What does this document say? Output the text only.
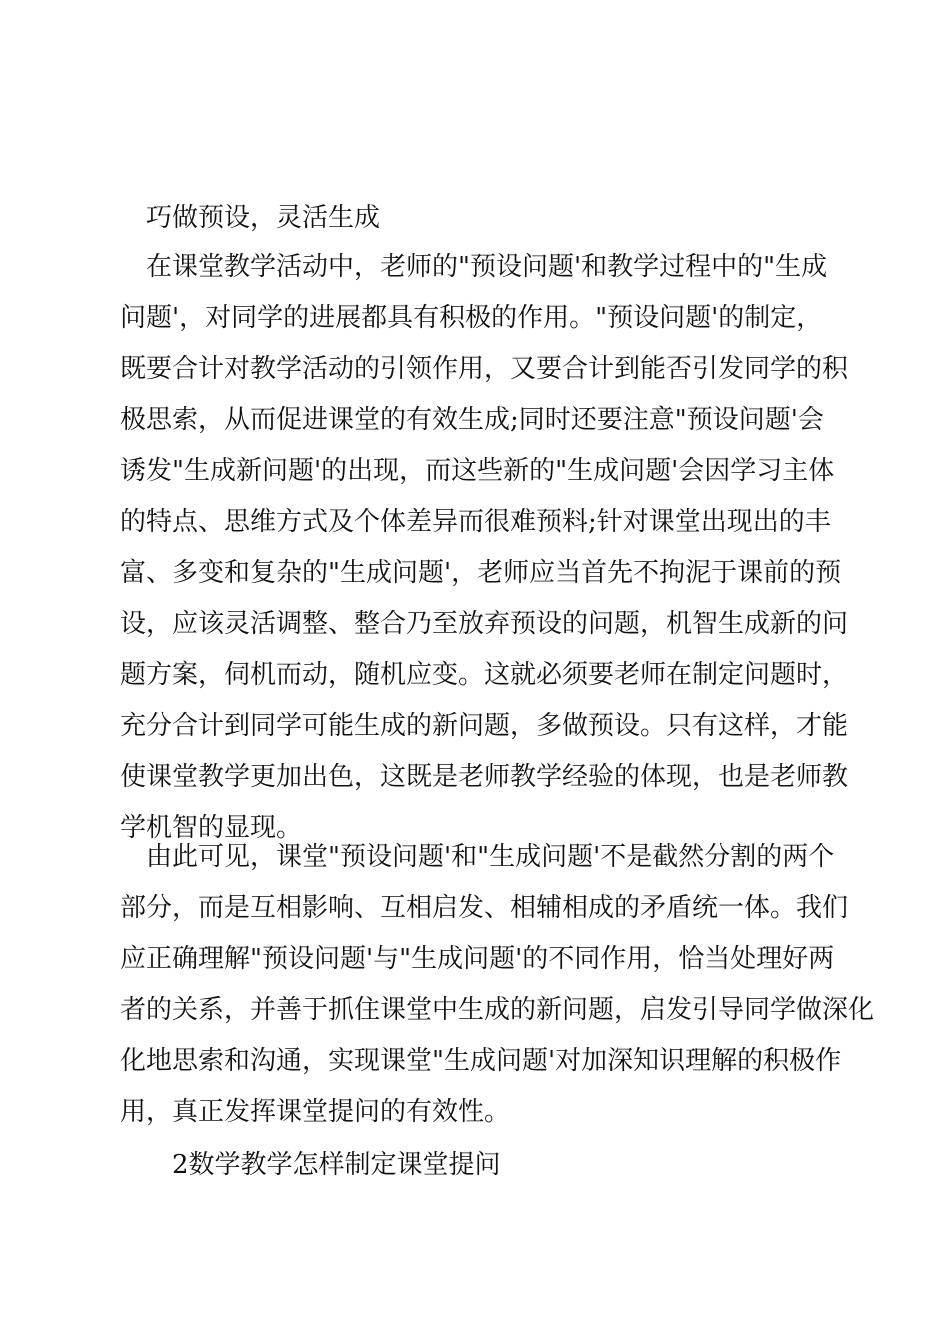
巧做预设，灵活生成
在课堂教学活动中，老师的"预设问题'和教学过程中的"生成
问题'，对同学的进展都具有积极的作用。"预设问题'的制定，
既要合计对教学活动的引领作用，又要合计到能否引发同学的积
极思索，从而促进课堂的有效生成;同时还要注意"预设问题'会
诱发"生成新问题'的出现，而这些新的"生成问题'会因学习主体
的特点、思维方式及个体差异而很难预料;针对课堂出现出的丰
富、多变和复杂的"生成问题'，老师应当首先不拘泥于课前的预
设，应该灵活调整、整合乃至放弃预设的问题，机智生成新的问
题方案，伺机而动，随机应变。这就必须要老师在制定问题时，
充分合计到同学可能生成的新问题，多做预设。只有这样，才能
使课堂教学更加出色，这既是老师教学经验的体现，也是老师教
学机智的显现。
由此可见，课堂"预设问题'和"生成问题'不是截然分割的两个
部分，而是互相影响、互相启发、相辅相成的矛盾统一体。我们
应正确理解"预设问题'与"生成问题'的不同作用，恰当处理好两
者的关系，并善于抓住课堂中生成的新问题，启发引导同学做深化
化地思索和沟通，实现课堂"生成问题'对加深知识理解的积极作
用，真正发挥课堂提问的有效性。
2数学教学怎样制定课堂提问
